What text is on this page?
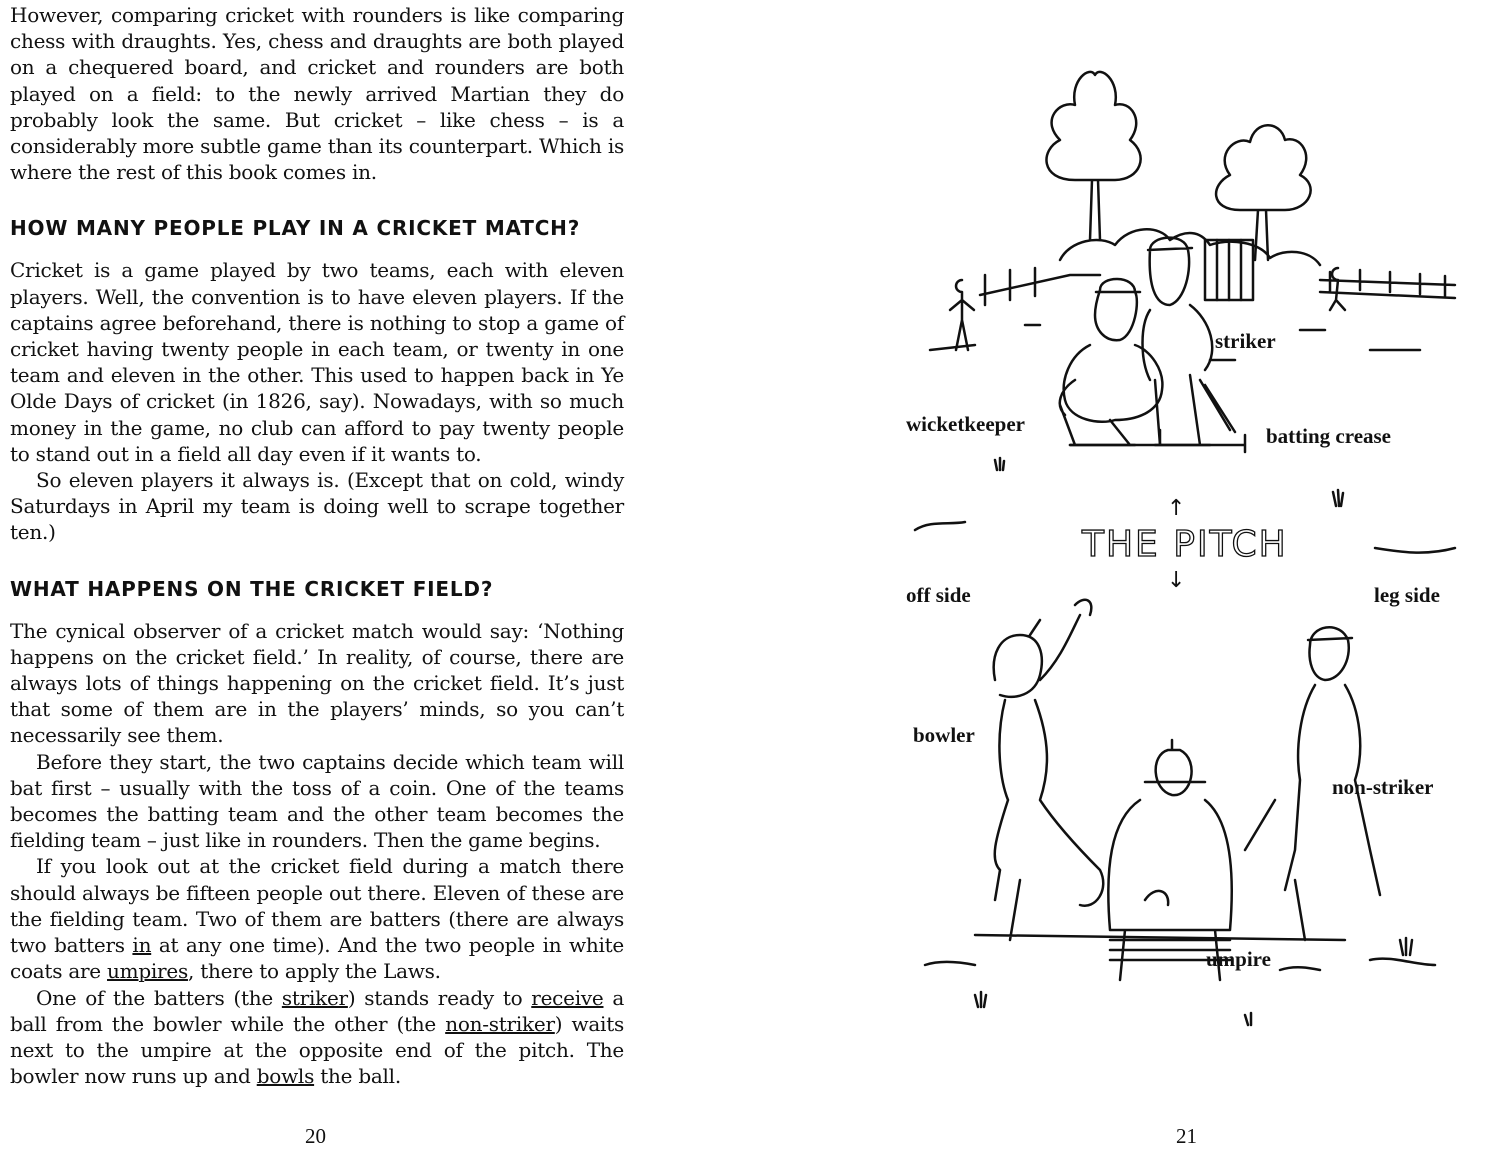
However, comparing cricket with rounders is like comparing chess with draughts. Yes, chess and draughts are both played on a chequered board, and cricket and rounders are both played on a field: to the newly arrived Martian they do probably look the same. But cricket – like chess – is a considerably more subtle game than its counterpart. Which is where the rest of this book comes in.

HOW MANY PEOPLE PLAY IN A CRICKET MATCH?

Cricket is a game played by two teams, each with eleven players. Well, the convention is to have eleven players. If the captains agree beforehand, there is nothing to stop a game of cricket having twenty people in each team, or twenty in one team and eleven in the other. This used to happen back in Ye Olde Days of cricket (in 1826, say). Nowadays, with so much money in the game, no club can afford to pay twenty people to stand out in a field all day even if it wants to.

So eleven players it always is. (Except that on cold, windy Saturdays in April my team is doing well to scrape together ten.)

WHAT HAPPENS ON THE CRICKET FIELD?

The cynical observer of a cricket match would say: ‘Nothing happens on the cricket field.’ In reality, of course, there are always lots of things happening on the cricket field. It’s just that some of them are in the players’ minds, so you can’t necessarily see them.

Before they start, the two captains decide which team will bat first – usually with the toss of a coin. One of the teams becomes the batting team and the other team becomes the fielding team – just like in rounders. Then the game begins.

If you look out at the cricket field during a match there should always be fifteen people out there. Eleven of these are the fielding team. Two of them are batters (there are always two batters in at any one time). And the two people in white coats are umpires, there to apply the Laws.

One of the batters (the striker) stands ready to receive a ball from the bowler while the other (the non-striker) waits next to the umpire at the opposite end of the pitch. The bowler now runs up and bowls the ball.

20
striker
wicketkeeper	batting crease
↑
↓
off side	leg side
bowler
non-striker
umpire
21
THE PITCH
